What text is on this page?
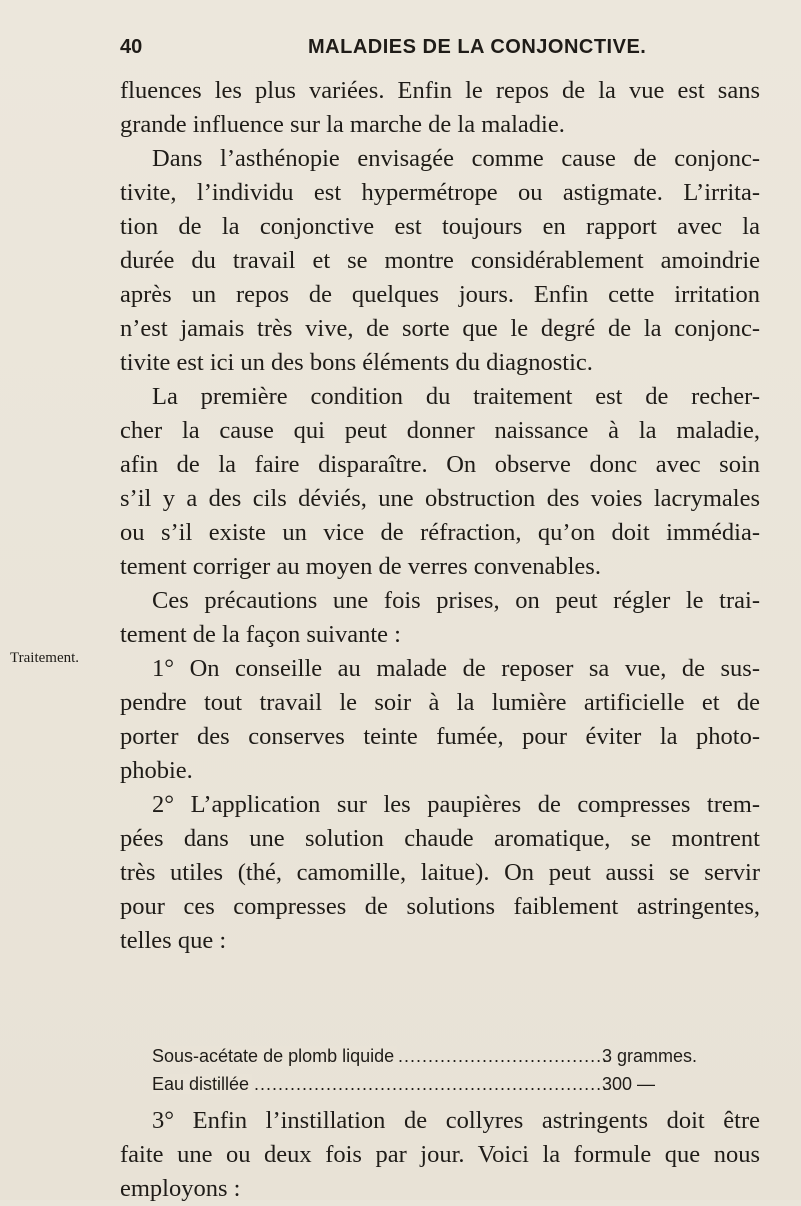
40	MALADIES DE LA CONJONCTIVE.
Traitement.
fluences les plus variées. Enfin le repos de la vue est sans
grande influence sur la marche de la maladie.
Dans l’asthénopie envisagée comme cause de conjonc-
tivite, l’individu est hypermétrope ou astigmate. L’irrita-
tion de la conjonctive est toujours en rapport avec la
durée du travail et se montre considérablement amoindrie
après un repos de quelques jours. Enfin cette irritation
n’est jamais très vive, de sorte que le degré de la conjonc-
tivite est ici un des bons éléments du diagnostic.
La première condition du traitement est de recher-
cher la cause qui peut donner naissance à la maladie,
afin de la faire disparaître. On observe donc avec soin
s’il y a des cils déviés, une obstruction des voies lacrymales
ou s’il existe un vice de réfraction, qu’on doit immédia-
tement corriger au moyen de verres convenables.
Ces précautions une fois prises, on peut régler le trai-
tement de la façon suivante :
1° On conseille au malade de reposer sa vue, de sus-
pendre tout travail le soir à la lumière artificielle et de
porter des conserves teinte fumée, pour éviter la photo-
phobie.
2° L’application sur les paupières de compresses trem-
pées dans une solution chaude aromatique, se montrent
très utiles (thé, camomille, laitue). On peut aussi se servir
pour ces compresses de solutions faiblement astringentes,
telles que :
.....
Sous-acétate de plomb liquide	3 grammes.
.....
Eau distillée	300 —
3° Enfin l’instillation de collyres astringents doit être
faite une ou deux fois par jour. Voici la formule que nous
employons :
